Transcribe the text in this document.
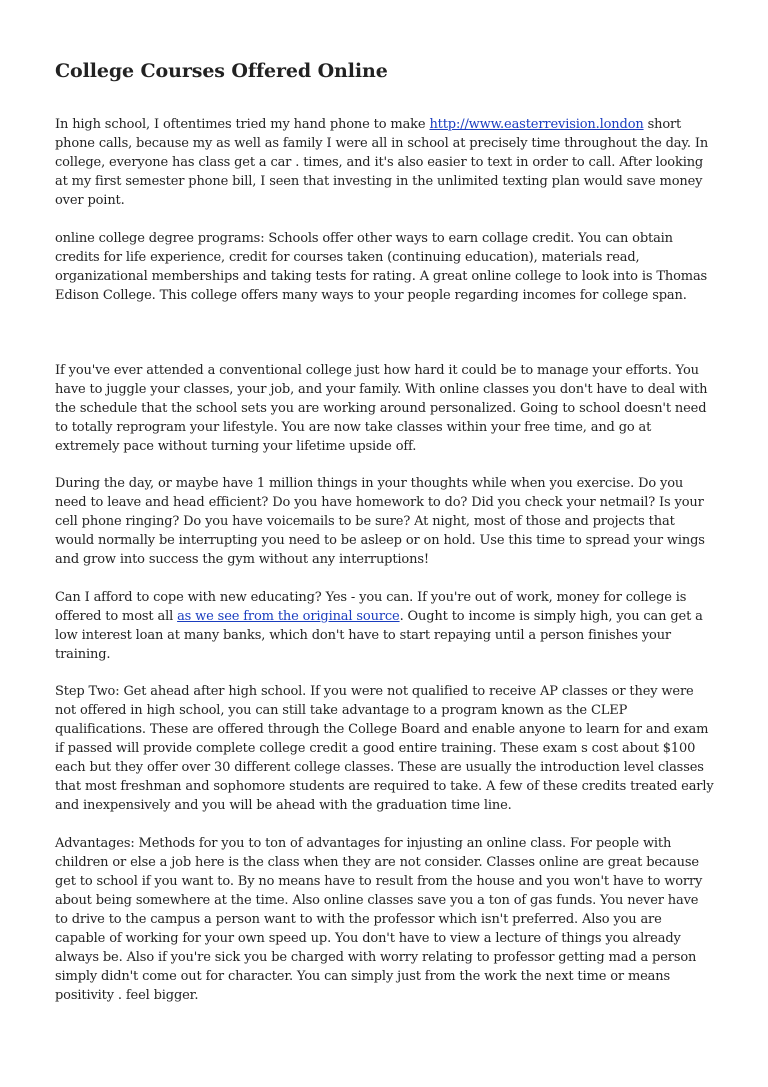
College Courses Offered Online

In high school, I oftentimes tried my hand phone to make http://www.easterrevision.london short phone calls, because my as well as family I were all in school at precisely time throughout the day. In college, everyone has class get a car . times, and it's also easier to text in order to call. After looking at my first semester phone bill, I seen that investing in the unlimited texting plan would save money over point.

online college degree programs: Schools offer other ways to earn collage credit. You can obtain credits for life experience, credit for courses taken (continuing education), materials read, organizational memberships and taking tests for rating. A great online college to look into is Thomas Edison College. This college offers many ways to your people regarding incomes for college span.

If you've ever attended a conventional college just how hard it could be to manage your efforts. You have to juggle your classes, your job, and your family. With online classes you don't have to deal with the schedule that the school sets you are working around personalized. Going to school doesn't need to totally reprogram your lifestyle. You are now take classes within your free time, and go at extremely pace without turning your lifetime upside off.

During the day, or maybe have 1 million things in your thoughts while when you exercise. Do you need to leave and head efficient? Do you have homework to do? Did you check your netmail? Is your cell phone ringing? Do you have voicemails to be sure? At night, most of those and projects that would normally be interrupting you need to be asleep or on hold. Use this time to spread your wings and grow into success the gym without any interruptions!

Can I afford to cope with new educating? Yes - you can. If you're out of work, money for college is offered to most all as we see from the original source. Ought to income is simply high, you can get a low interest loan at many banks, which don't have to start repaying until a person finishes your training.

Step Two: Get ahead after high school. If you were not qualified to receive AP classes or they were not offered in high school, you can still take advantage to a program known as the CLEP qualifications. These are offered through the College Board and enable anyone to learn for and exam if passed will provide complete college credit a good entire training. These exam s cost about $100 each but they offer over 30 different college classes. These are usually the introduction level classes that most freshman and sophomore students are required to take. A few of these credits treated early and inexpensively and you will be ahead with the graduation time line.

Advantages: Methods for you to ton of advantages for injusting an online class. For people with children or else a job here is the class when they are not consider. Classes online are great because get to school if you want to. By no means have to result from the house and you won't have to worry about being somewhere at the time. Also online classes save you a ton of gas funds. You never have to drive to the campus a person want to with the professor which isn't preferred. Also you are capable of working for your own speed up. You don't have to view a lecture of things you already always be. Also if you're sick you be charged with worry relating to professor getting mad a person simply didn't come out for character. You can simply just from the work the next time or means positivity . feel bigger.
